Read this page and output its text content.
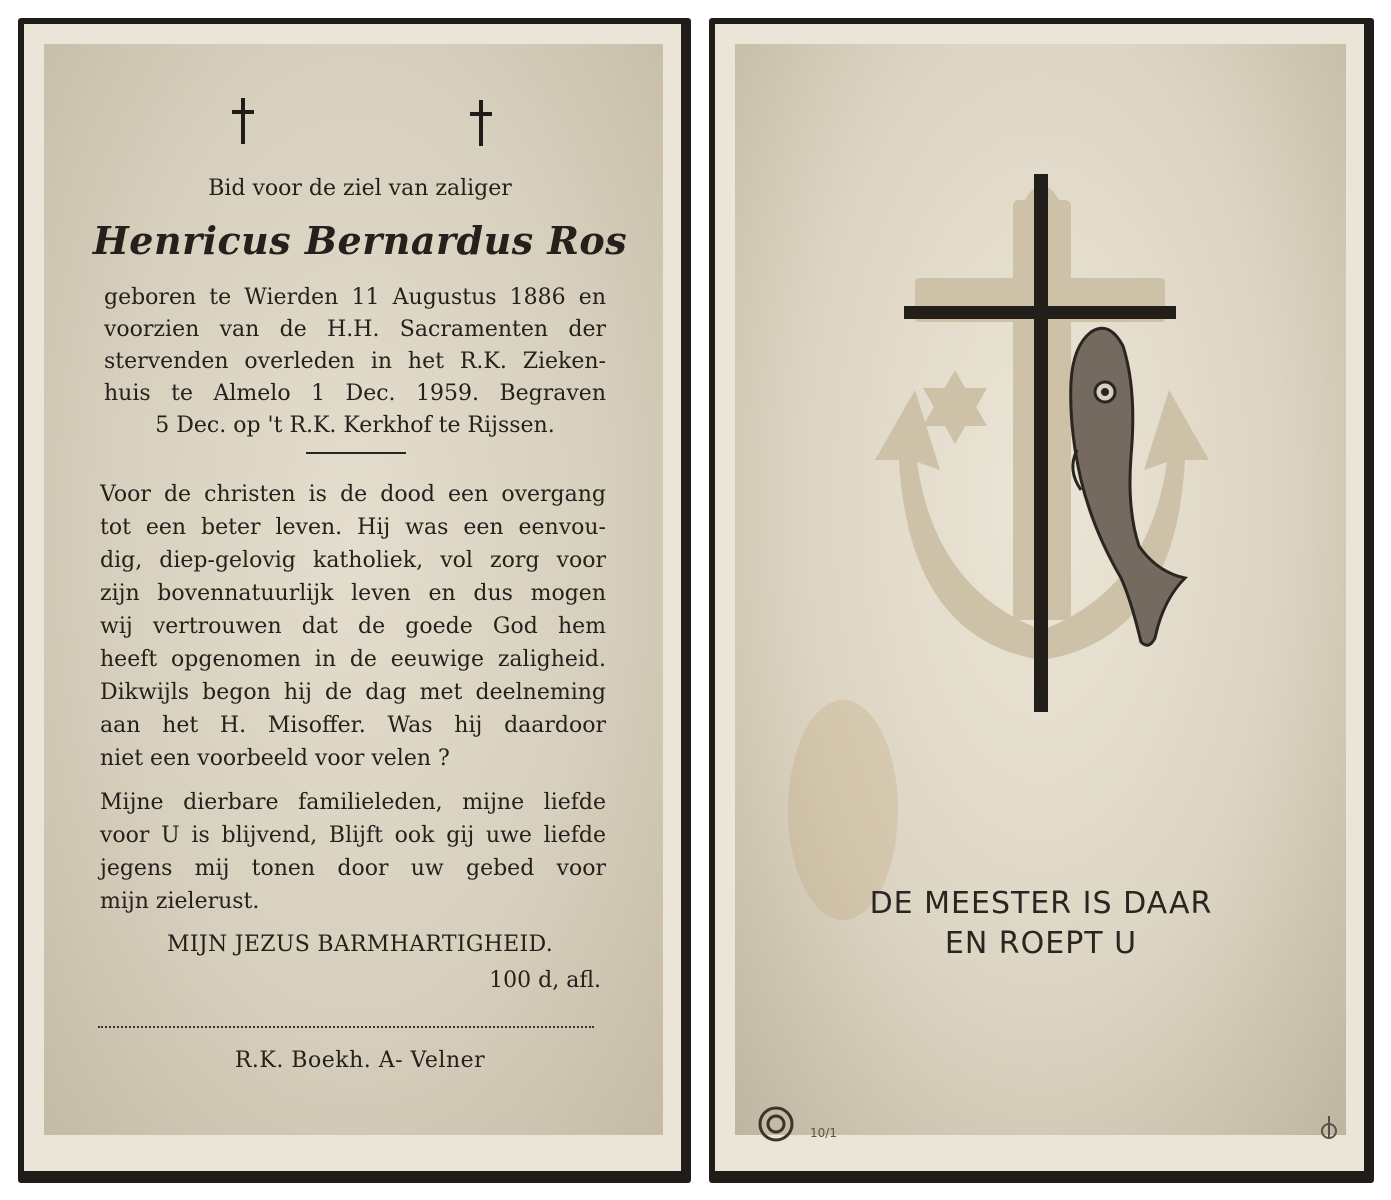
Bid voor de ziel van zaliger
Henricus Bernardus Ros
geboren te Wierden 11 Augustus 1886 en
voorzien van de H.H. Sacramenten der
stervenden overleden in het R.K. Zieken-
huis te Almelo 1 Dec. 1959. Begraven
5 Dec. op 't R.K. Kerkhof te Rijssen.
Voor de christen is de dood een overgang
tot een beter leven. Hij was een eenvou-
dig, diep-gelovig katholiek, vol zorg voor
zijn bovennatuurlijk leven en dus mogen
wij vertrouwen dat de goede God hem
heeft opgenomen in de eeuwige zaligheid.
Dikwijls begon hij de dag met deelneming
aan het H. Misoffer. Was hij daardoor
niet een voorbeeld voor velen ?
Mijne dierbare familieleden, mijne liefde
voor U is blijvend, Blijft ook gij uwe liefde
jegens mij tonen door uw gebed voor
mijn zielerust.
MIJN JEZUS BARMHARTIGHEID.
100 d, afl.
R.K. Boekh. A- Velner
DE MEESTER IS DAAR
EN ROEPT U
10/1
